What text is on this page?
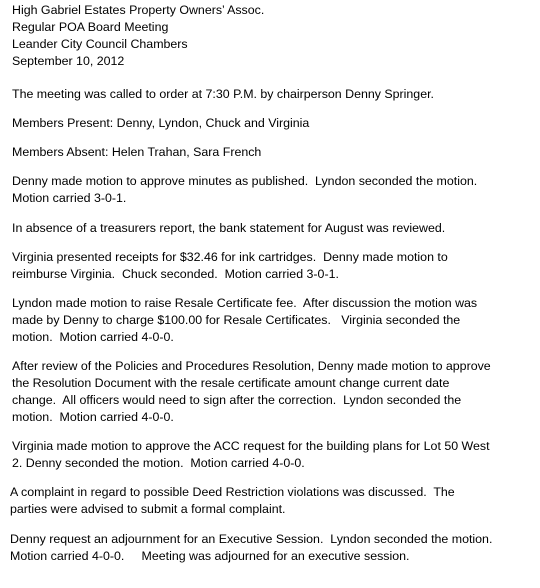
High Gabriel Estates Property Owners’ Assoc.
Regular POA Board Meeting
Leander City Council Chambers
September 10, 2012
The meeting was called to order at 7:30 P.M. by chairperson Denny Springer.
Members Present: Denny, Lyndon, Chuck and Virginia
Members Absent: Helen Trahan, Sara French
Denny made motion to approve minutes as published.  Lyndon seconded the motion.
Motion carried 3-0-1.
In absence of a treasurers report, the bank statement for August was reviewed.
Virginia presented receipts for $32.46 for ink cartridges.  Denny made motion to
reimburse Virginia.  Chuck seconded.  Motion carried 3-0-1.
Lyndon made motion to raise Resale Certificate fee.  After discussion the motion was
made by Denny to charge $100.00 for Resale Certificates.   Virginia seconded the
motion.  Motion carried 4-0-0.
After review of the Policies and Procedures Resolution, Denny made motion to approve
the Resolution Document with the resale certificate amount change current date
change.  All officers would need to sign after the correction.  Lyndon seconded the
motion.  Motion carried 4-0-0.
Virginia made motion to approve the ACC request for the building plans for Lot 50 West
2. Denny seconded the motion.  Motion carried 4-0-0.
A complaint in regard to possible Deed Restriction violations was discussed.  The
parties were advised to submit a formal complaint.
Denny request an adjournment for an Executive Session.  Lyndon seconded the motion.
Motion carried 4-0-0.     Meeting was adjourned for an executive session.
